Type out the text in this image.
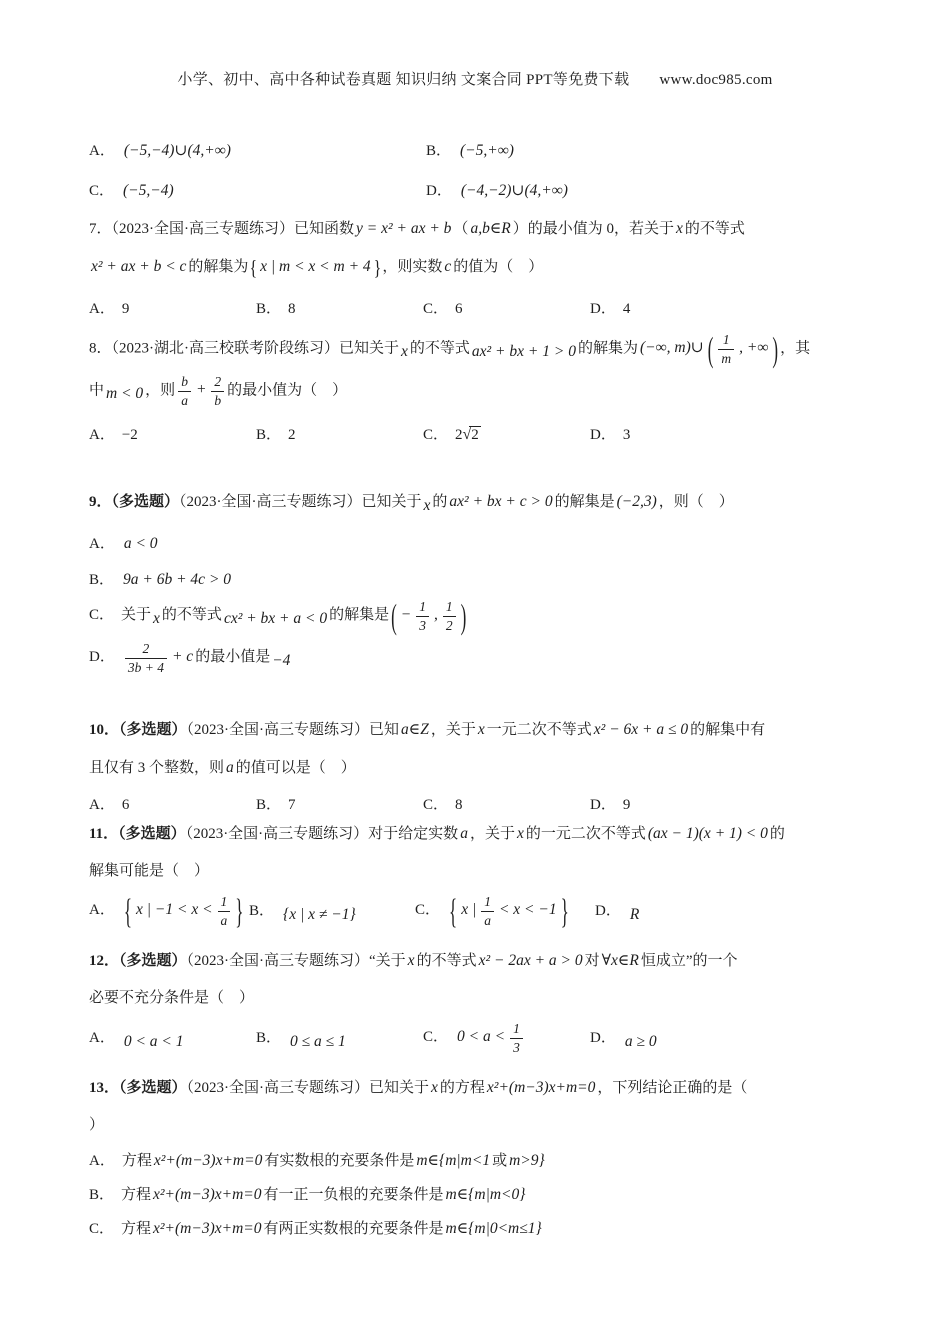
小学、初中、高中各种试卷真题 知识归纳 文案合同 PPT等免费下载 www.doc985.com
A． (−5,−4)∪(4,+∞)	B． (−5,+∞)
C． (−5,−4)	D． (−4,−2)∪(4,+∞)

7．（2023·全国·高三专题练习）已知函数 y = x² + ax + b （ a,b∈R ）的最小值为 0，若关于 x 的不等式

x² + ax + b < c 的解集为{ x | m < x < m + 4 }，则实数 c 的值为（　）

A． 9	B． 8	C． 6	D． 4

8．（2023·湖北·高三校联考阶段练习）已知关于 x 的不等式 ax² + bx + 1 > 0 的解集为 (−∞, m)∪ ( $\frac{1}{m}$ , +∞ ) ，其

中 m < 0 ，则 $\frac{b}{a} + \frac{2}{b}$ 的最小值为（　）

A． −2	B． 2	C． 2√2	D． 3

9．（多选题）（2023·全国·高三专题练习）已知关于 x 的 ax² + bx + c > 0 的解集是 (−2,3) ，则（　）

A． a < 0
B． 9a + 6b + 4c > 0
C． 关于 x 的不等式 cx² + bx + a < 0 的解集是 ( − $\frac{1}{3}$ , $\frac{1}{2}$ )
D． $\frac{2}{3b + 4} + c$ 的最小值是 −4

10．（多选题）（2023·全国·高三专题练习）已知 a∈Z ，关于 x 一元二次不等式 x² − 6x + a ≤ 0 的解集中有

且仅有 3 个整数，则 a 的值可以是（　）

A． 6	B． 7	C． 8	D． 9

11．（多选题）（2023·全国·高三专题练习）对于给定实数 a ，关于 x 的一元二次不等式 (ax − 1)(x + 1) < 0 的

解集可能是（　）

A． { x | $-1 < x < \frac{1}{a}$ } B． {x | x ≠ −1}	C． { x | $\frac{1}{a} < x < -1$ }	D． R

12．（多选题）（2023·全国·高三专题练习）“关于 x 的不等式 x² − 2ax + a > 0 对 ∀x∈R 恒成立”的一个

必要不充分条件是（　）

A． 0 < a < 1	B． 0 ≤ a ≤ 1	C． $0 < a < \frac{1}{3}$	D． a ≥ 0

13．（多选题）（2023·全国·高三专题练习）已知关于 x 的方程 x²+(m−3)x+m=0 ，下列结论正确的是（

）

A． 方程 x²+(m−3)x+m=0 有实数根的充要条件是 m∈{m|m<1 或 m>9}
B． 方程 x²+(m−3)x+m=0 有一正一负根的充要条件是 m∈{m|m<0}
C． 方程 x²+(m−3)x+m=0 有两正实数根的充要条件是 m∈{m|0<m≤1}
